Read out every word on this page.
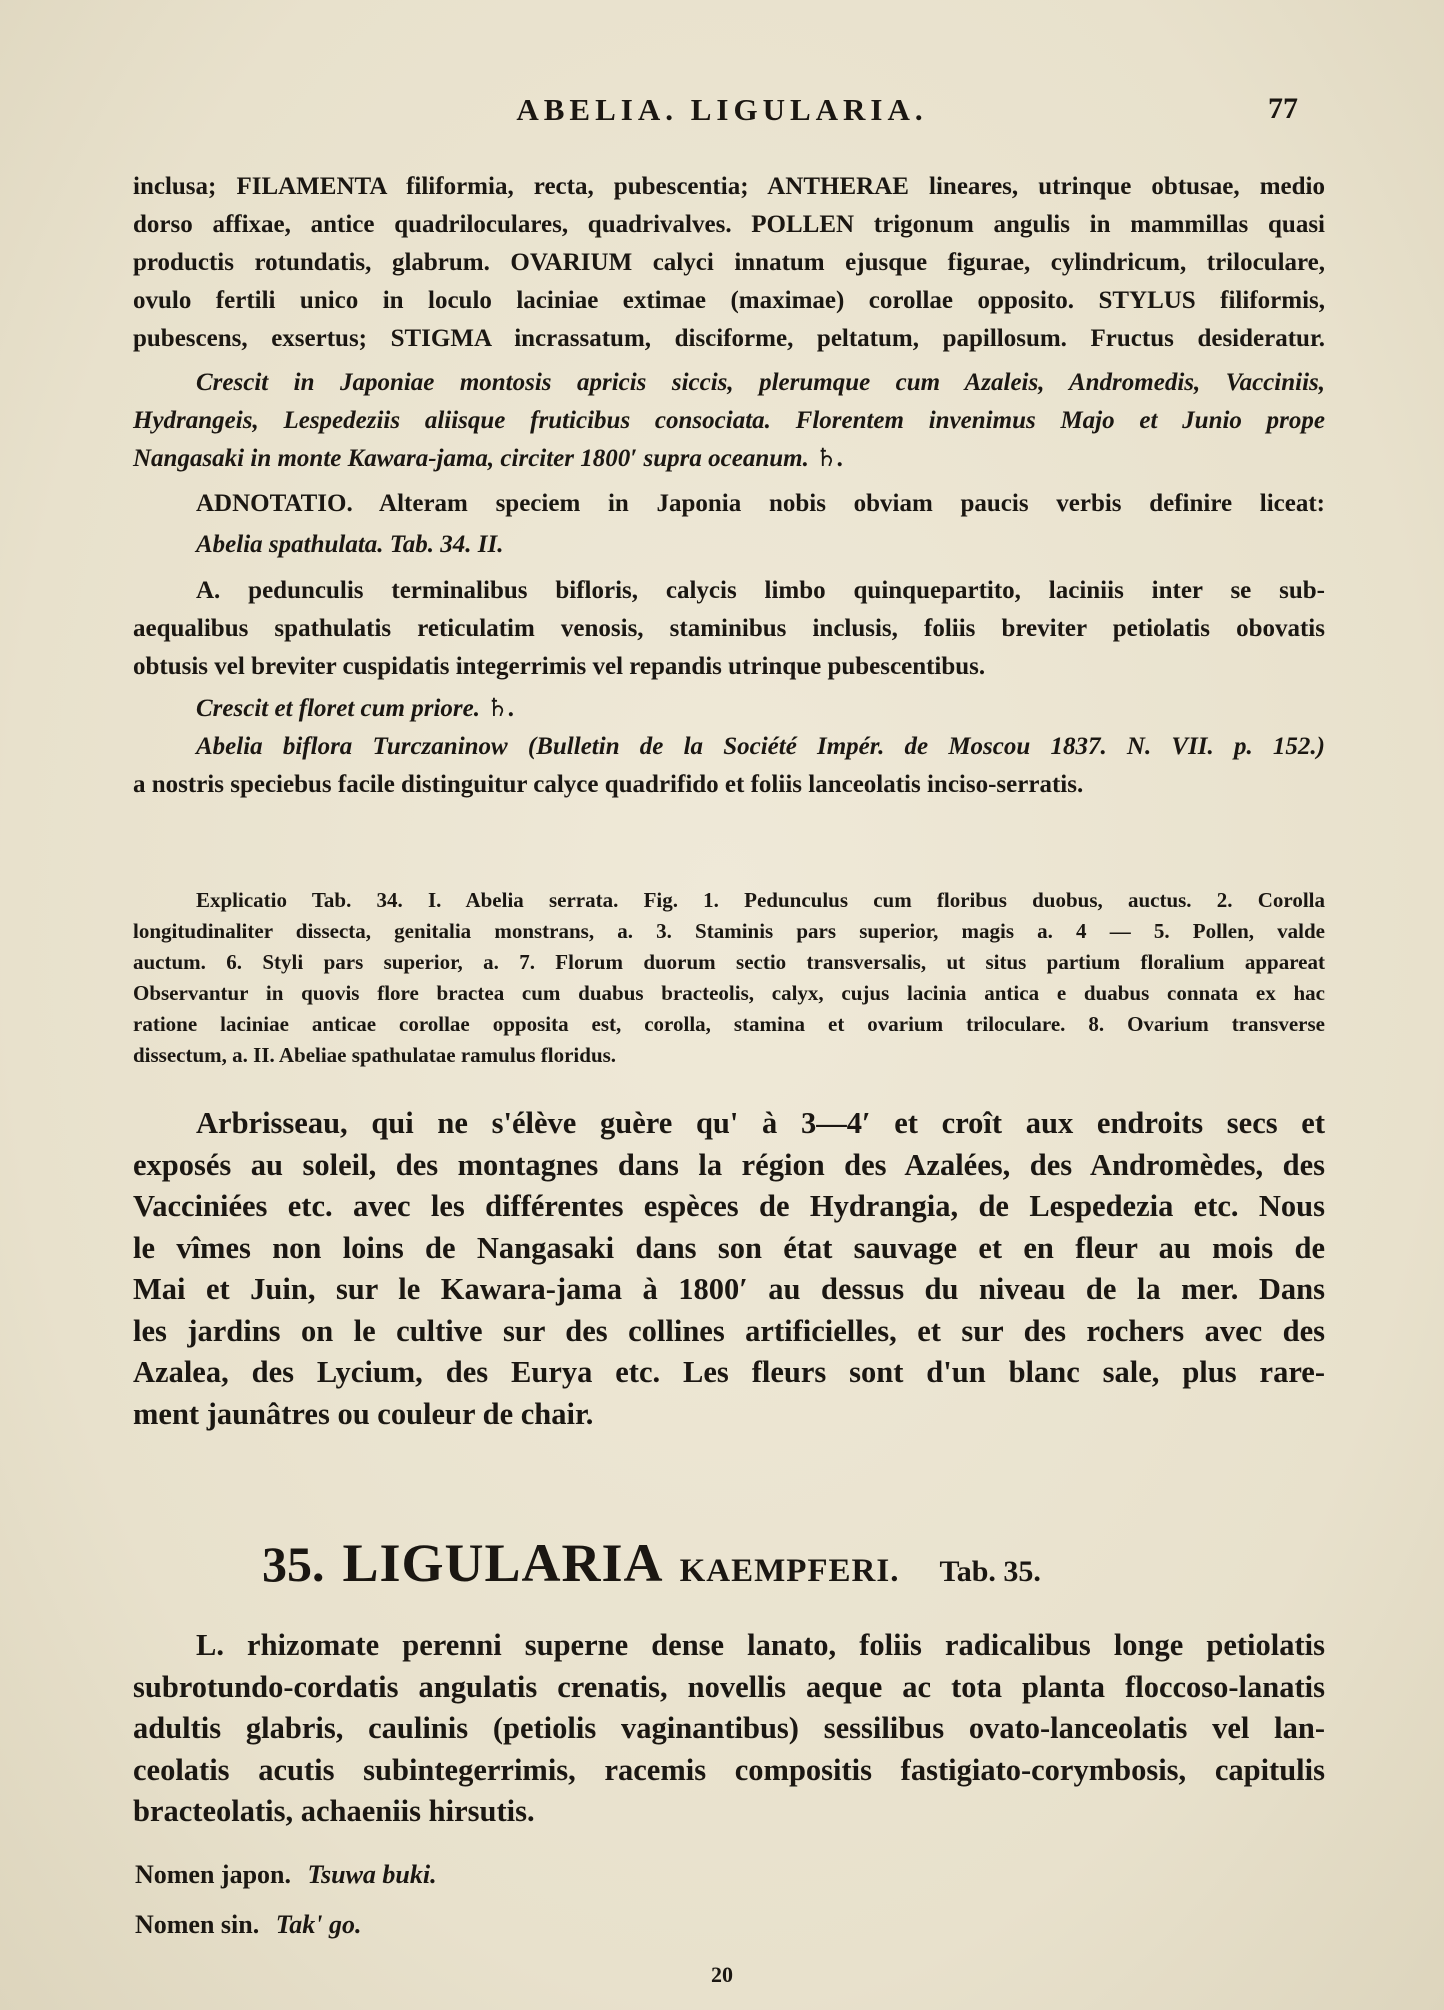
ABELIA. LIGULARIA.	77

inclusa; FILAMENTA filiformia, recta, pubescentia; ANTHERAE lineares, utrinque obtusae, medio

dorso affixae, antice quadriloculares, quadrivalves. POLLEN trigonum angulis in mammillas quasi

productis rotundatis, glabrum. OVARIUM calyci innatum ejusque figurae, cylindricum, triloculare,

ovulo fertili unico in loculo laciniae extimae (maximae) corollae opposito. STYLUS filiformis,

pubescens, exsertus; STIGMA incrassatum, disciforme, peltatum, papillosum. Fructus desideratur.

Crescit in Japoniae montosis apricis siccis, plerumque cum Azaleis, Andromedis, Vacciniis,

Hydrangeis, Lespedeziis aliisque fruticibus consociata. Florentem invenimus Majo et Junio prope

Nangasaki in monte Kawara-jama, circiter 1800′ supra oceanum. ♄.

ADNOTATIO. Alteram speciem in Japonia nobis obviam paucis verbis definire liceat:

Abelia spathulata. Tab. 34. II.

A. pedunculis terminalibus bifloris, calycis limbo quinquepartito, laciniis inter se sub-

aequalibus spathulatis reticulatim venosis, staminibus inclusis, foliis breviter petiolatis obovatis

obtusis vel breviter cuspidatis integerrimis vel repandis utrinque pubescentibus.

Crescit et floret cum priore. ♄.

Abelia biflora Turczaninow (Bulletin de la Société Impér. de Moscou 1837. N. VII. p. 152.)

a nostris speciebus facile distinguitur calyce quadrifido et foliis lanceolatis inciso-serratis.

Explicatio Tab. 34. I. Abelia serrata. Fig. 1. Pedunculus cum floribus duobus, auctus. 2. Corolla
longitudinaliter dissecta, genitalia monstrans, a. 3. Staminis pars superior, magis a. 4 — 5. Pollen, valde
auctum. 6. Styli pars superior, a. 7. Florum duorum sectio transversalis, ut situs partium floralium appareat
Observantur in quovis flore bractea cum duabus bracteolis, calyx, cujus lacinia antica e duabus connata ex hac
ratione laciniae anticae corollae opposita est, corolla, stamina et ovarium triloculare. 8. Ovarium transverse
dissectum, a. II. Abeliae spathulatae ramulus floridus.
Arbrisseau, qui ne s'élève guère qu' à 3—4′ et croît aux endroits secs et
exposés au soleil, des montagnes dans la région des Azalées, des Andromèdes, des
Vacciniées etc. avec les différentes espèces de Hydrangia, de Lespedezia etc. Nous
le vîmes non loins de Nangasaki dans son état sauvage et en fleur au mois de
Mai et Juin, sur le Kawara-jama à 1800′ au dessus du niveau de la mer. Dans
les jardins on le cultive sur des collines artificielles, et sur des rochers avec des
Azalea, des Lycium, des Eurya etc. Les fleurs sont d'un blanc sale, plus rare-
ment jaunâtres ou couleur de chair.
35. LIGULARIA KAEMPFERI. Tab. 35.
L. rhizomate perenni superne dense lanato, foliis radicalibus longe petiolatis
subrotundo-cordatis angulatis crenatis, novellis aeque ac tota planta floccoso-lanatis
adultis glabris, caulinis (petiolis vaginantibus) sessilibus ovato-lanceolatis vel lan-
ceolatis acutis subintegerrimis, racemis compositis fastigiato-corymbosis, capitulis
bracteolatis, achaeniis hirsutis.
Nomen japon. Tsuwa buki.
Nomen sin. Tak' go.
20
